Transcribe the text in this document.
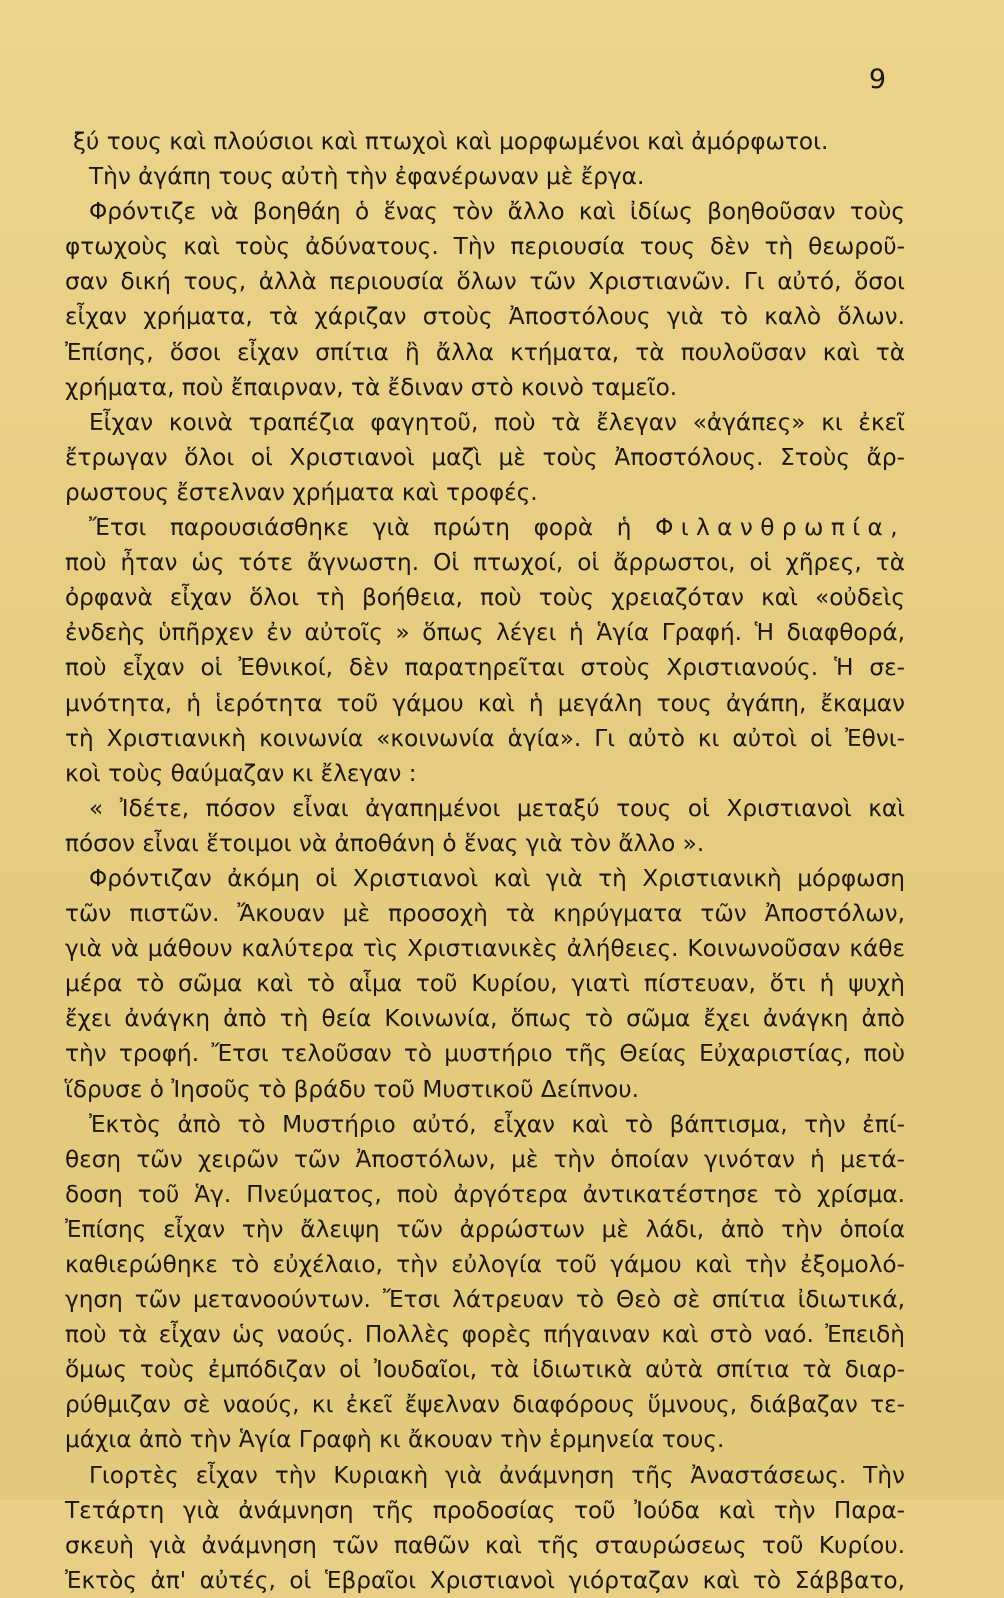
9
ξύ τους καὶ πλούσιοι καὶ πτωχοὶ καὶ μορφωμένοι καὶ ἀμόρφωτοι.
Τὴν ἀγάπη τους αὐτὴ τὴν ἐφανέρωναν μὲ ἔργα.
Φρόντιζε νὰ βοηθάη ὁ ἕνας τὸν ἄλλο καὶ ἰδίως βοηθοῦσαν τοὺς
φτωχοὺς καὶ τοὺς ἀδύνατους. Τὴν περιουσία τους δὲν τὴ θεωροῦ-
σαν δική τους, ἀλλὰ περιουσία ὅλων τῶν Χριστιανῶν. Γι αὐτό, ὅσοι
εἶχαν χρήματα, τὰ χάριζαν στοὺς Ἀποστόλους γιὰ τὸ καλὸ ὅλων.
Ἐπίσης, ὅσοι εἶχαν σπίτια ἢ ἄλλα κτήματα, τὰ πουλοῦσαν καὶ τὰ
χρήματα, ποὺ ἔπαιρναν, τὰ ἔδιναν στὸ κοινὸ ταμεῖο.
Εἶχαν κοινὰ τραπέζια φαγητοῦ, ποὺ τὰ ἔλεγαν «ἀγάπες» κι ἐκεῖ
ἔτρωγαν ὅλοι οἱ Χριστιανοὶ μαζὶ μὲ τοὺς Ἀποστόλους. Στοὺς ἄρ-
ρωστους ἔστελναν χρήματα καὶ τροφές.
Ἔτσι παρουσιάσθηκε γιὰ πρώτη φορὰ ἡ Φιλανθρωπία,
ποὺ ἦταν ὡς τότε ἄγνωστη. Οἱ πτωχοί, οἱ ἄρρωστοι, οἱ χῆρες, τὰ
ὀρφανὰ εἶχαν ὅλοι τὴ βοήθεια, ποὺ τοὺς χρειαζόταν καὶ «οὐδεὶς
ἐνδεὴς ὑπῆρχεν ἐν αὐτοῖς » ὅπως λέγει ἡ Ἁγία Γραφή. Ἡ διαφθορά,
ποὺ εἶχαν οἱ Ἐθνικοί, δὲν παρατηρεῖται στοὺς Χριστιανούς. Ἡ σε-
μνότητα, ἡ ἱερότητα τοῦ γάμου καὶ ἡ μεγάλη τους ἀγάπη, ἔκαμαν
τὴ Χριστιανικὴ κοινωνία «κοινωνία ἁγία». Γι αὐτὸ κι αὐτοὶ οἱ Ἐθνι-
κοὶ τοὺς θαύμαζαν κι ἔλεγαν :
« Ἰδέτε, πόσον εἶναι ἀγαπημένοι μεταξύ τους οἱ Χριστιανοὶ καὶ
πόσον εἶναι ἕτοιμοι νὰ ἀποθάνη ὁ ἕνας γιὰ τὸν ἄλλο ».
Φρόντιζαν ἀκόμη οἱ Χριστιανοὶ καὶ γιὰ τὴ Χριστιανικὴ μόρφωση
τῶν πιστῶν. Ἄκουαν μὲ προσοχὴ τὰ κηρύγματα τῶν Ἀποστόλων,
γιὰ νὰ μάθουν καλύτερα τὶς Χριστιανικὲς ἀλήθειες. Κοινωνοῦσαν κάθε
μέρα τὸ σῶμα καὶ τὸ αἷμα τοῦ Κυρίου, γιατὶ πίστευαν, ὅτι ἡ ψυχὴ
ἔχει ἀνάγκη ἀπὸ τὴ θεία Κοινωνία, ὅπως τὸ σῶμα ἔχει ἀνάγκη ἀπὸ
τὴν τροφή. Ἔτσι τελοῦσαν τὸ μυστήριο τῆς Θείας Εὐχαριστίας, ποὺ
ἵδρυσε ὁ Ἰησοῦς τὸ βράδυ τοῦ Μυστικοῦ Δείπνου.
Ἐκτὸς ἀπὸ τὸ Μυστήριο αὐτό, εἶχαν καὶ τὸ βάπτισμα, τὴν ἐπί-
θεση τῶν χειρῶν τῶν Ἀποστόλων, μὲ τὴν ὁποίαν γινόταν ἡ μετά-
δοση τοῦ Ἁγ. Πνεύματος, ποὺ ἀργότερα ἀντικατέστησε τὸ χρίσμα.
Ἐπίσης εἶχαν τὴν ἄλειψη τῶν ἀρρώστων μὲ λάδι, ἀπὸ τὴν ὁποία
καθιερώθηκε τὸ εὐχέλαιο, τὴν εὐλογία τοῦ γάμου καὶ τὴν ἐξομολό-
γηση τῶν μετανοούντων. Ἔτσι λάτρευαν τὸ Θεὸ σὲ σπίτια ἰδιωτικά,
ποὺ τὰ εἶχαν ὡς ναούς. Πολλὲς φορὲς πήγαιναν καὶ στὸ ναό. Ἐπειδὴ
ὅμως τοὺς ἐμπόδιζαν οἱ Ἰουδαῖοι, τὰ ἰδιωτικὰ αὐτὰ σπίτια τὰ διαρ-
ρύθμιζαν σὲ ναούς, κι ἐκεῖ ἔψελναν διαφόρους ὕμνους, διάβαζαν τε-
μάχια ἀπὸ τὴν Ἁγία Γραφὴ κι ἄκουαν τὴν ἑρμηνεία τους.
Γιορτὲς εἶχαν τὴν Κυριακὴ γιὰ ἀνάμνηση τῆς Ἀναστάσεως. Τὴν
Τετάρτη γιὰ ἀνάμνηση τῆς προδοσίας τοῦ Ἰούδα καὶ τὴν Παρα-
σκευὴ γιὰ ἀνάμνηση τῶν παθῶν καὶ τῆς σταυρώσεως τοῦ Κυρίου.
Ἐκτὸς ἀπ' αὐτές, οἱ Ἑβραῖοι Χριστιανοὶ γιόρταζαν καὶ τὸ Σάββατο,
